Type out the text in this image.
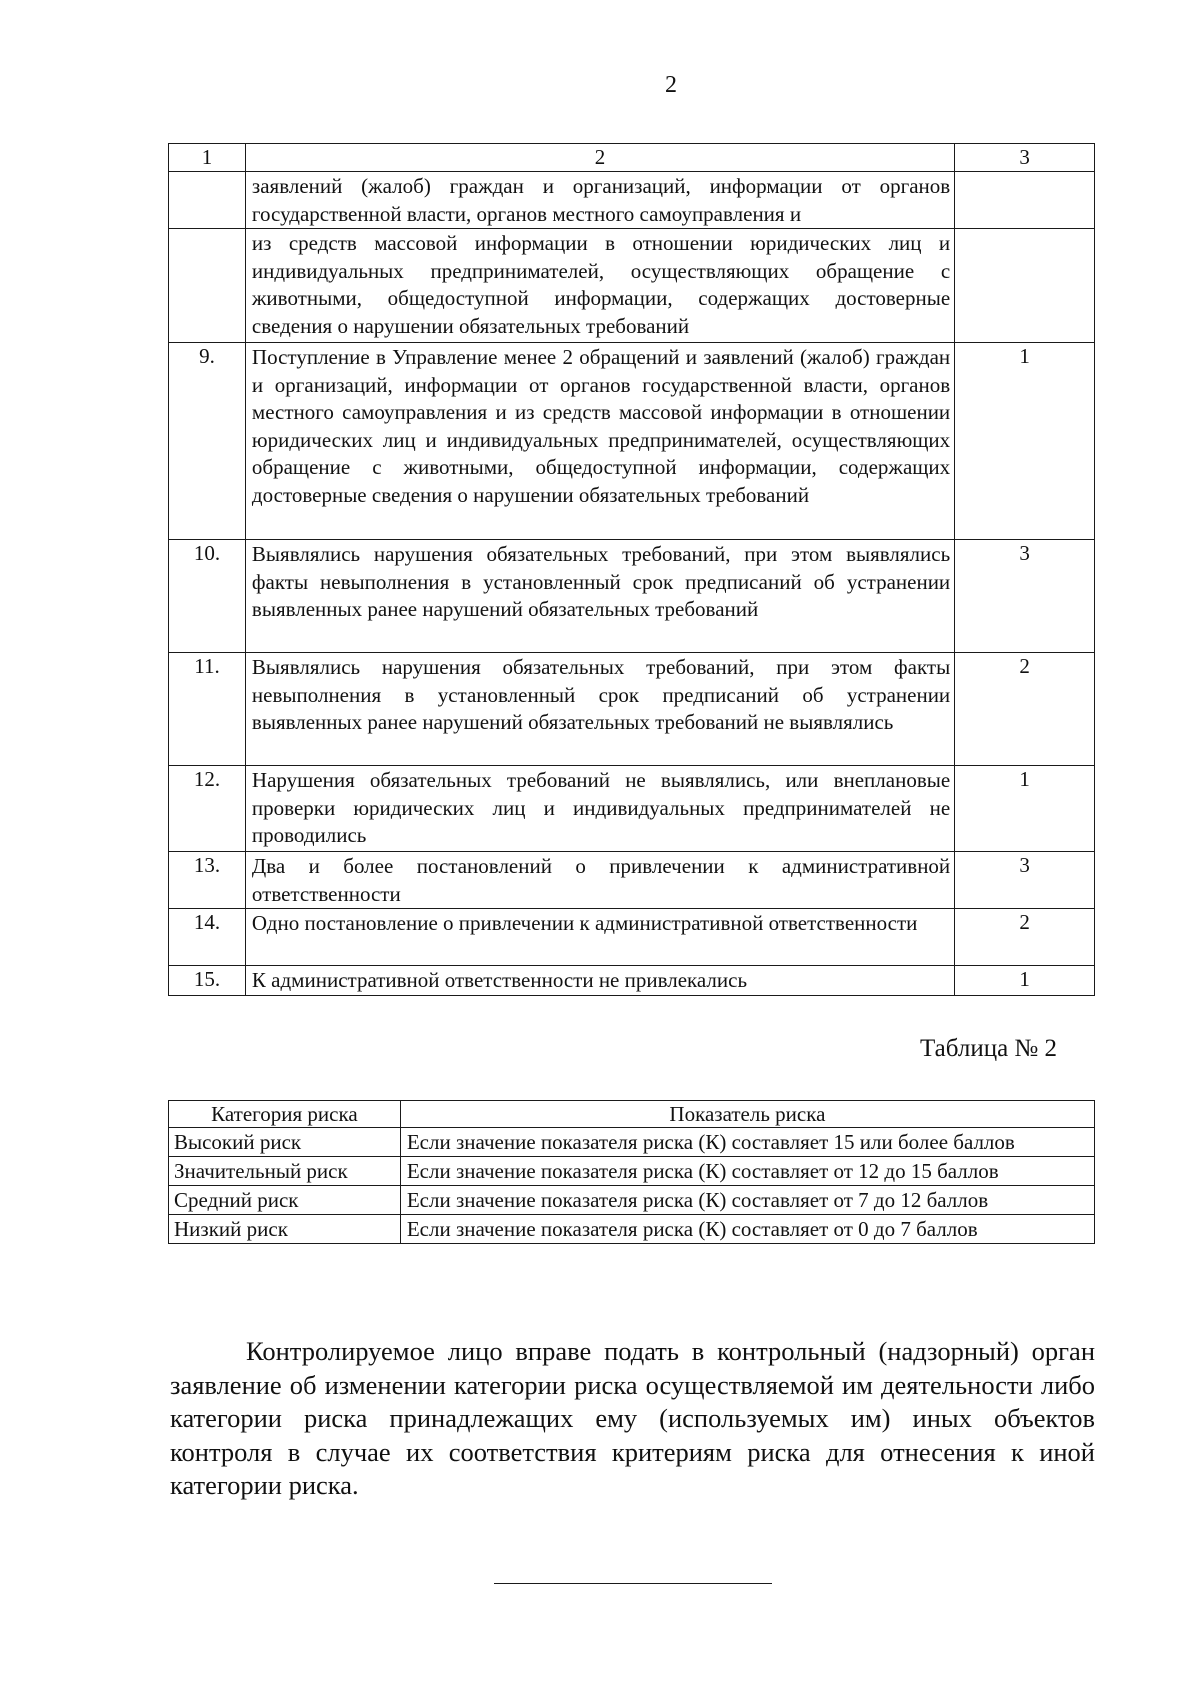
2
1	2	3
	заявлений (жалоб) граждан и организаций, информации от органов государственной власти, органов местного самоуправления и	
	из средств массовой информации в отношении юридических лиц и индивидуальных предпринимателей, осуществляющих обращение с животными, общедоступной информации, содержащих достоверные сведения о нарушении обязательных требований	
9.	Поступление в Управление менее 2 обращений и заявлений (жалоб) граждан и организаций, информации от органов государственной власти, органов местного самоуправления и из средств массовой информации в отношении юридических лиц и индивидуальных предпринимателей, осуществляющих обращение с животными, общедоступной информации, содержащих достоверные сведения о нарушении обязательных требований	1
10.	Выявлялись нарушения обязательных требований, при этом выявлялись факты невыполнения в установленный срок предписаний об устранении выявленных ранее нарушений обязательных требований	3
11.	Выявлялись нарушения обязательных требований, при этом факты невыполнения в установленный срок предписаний об устранении выявленных ранее нарушений обязательных требований не выявлялись	2
12.	Нарушения обязательных требований не выявлялись, или внеплановые проверки юридических лиц и индивидуальных предпринимателей не проводились	1
13.	Два и более постановлений о привлечении к административной ответственности	3
14.	Одно постановление о привлечении к административной ответственности	2
15.	К административной ответственности не привлекались	1
Таблица № 2
Категория риска	Показатель риска
Высокий риск	Если значение показателя риска (К) составляет 15 или более баллов
Значительный риск	Если значение показателя риска (К) составляет от 12 до 15 баллов
Средний риск	Если значение показателя риска (К) составляет от 7 до 12 баллов
Низкий риск	Если значение показателя риска (К) составляет от 0 до 7 баллов

Контролируемое лицо вправе подать в контрольный (надзорный) орган заявление об изменении категории риска осуществляемой им деятельности либо категории риска принадлежащих ему (используемых им) иных объектов контроля в случае их соответствия критериям риска для отнесения к иной категории риска.
